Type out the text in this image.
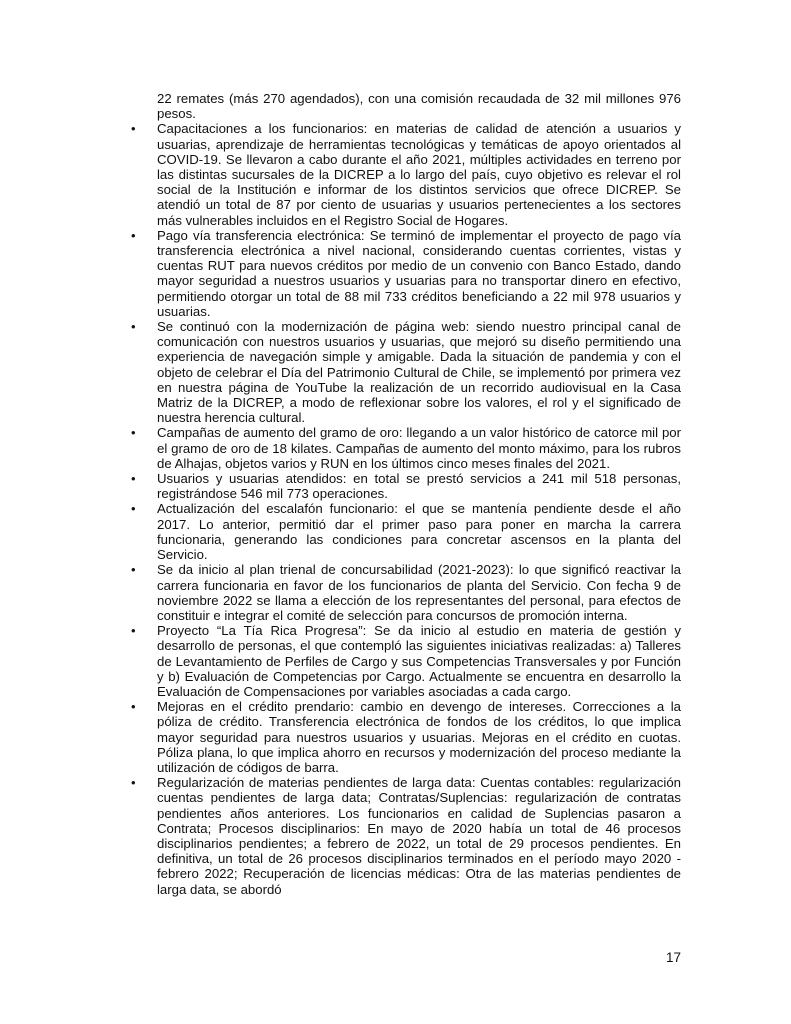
22 remates (más 270 agendados), con una comisión recaudada de 32 mil millones 976 pesos.

• Capacitaciones a los funcionarios: en materias de calidad de atención a usuarios y usuarias, aprendizaje de herramientas tecnológicas y temáticas de apoyo orientados al COVID-19. Se llevaron a cabo durante el año 2021, múltiples actividades en terreno por las distintas sucursales de la DICREP a lo largo del país, cuyo objetivo es relevar el rol social de la Institución e informar de los distintos servicios que ofrece DICREP. Se atendió un total de 87 por ciento de usuarias y usuarios pertenecientes a los sectores más vulnerables incluidos en el Registro Social de Hogares.
• Pago vía transferencia electrónica: Se terminó de implementar el proyecto de pago vía transferencia electrónica a nivel nacional, considerando cuentas corrientes, vistas y cuentas RUT para nuevos créditos por medio de un convenio con Banco Estado, dando mayor seguridad a nuestros usuarios y usuarias para no transportar dinero en efectivo, permitiendo otorgar un total de 88 mil 733 créditos beneficiando a 22 mil 978 usuarios y usuarias.
• Se continuó con la modernización de página web: siendo nuestro principal canal de comunicación con nuestros usuarios y usuarias, que mejoró su diseño permitiendo una experiencia de navegación simple y amigable. Dada la situación de pandemia y con el objeto de celebrar el Día del Patrimonio Cultural de Chile, se implementó por primera vez en nuestra página de YouTube la realización de un recorrido audiovisual en la Casa Matriz de la DICREP, a modo de reflexionar sobre los valores, el rol y el significado de nuestra herencia cultural.
• Campañas de aumento del gramo de oro: llegando a un valor histórico de catorce mil por el gramo de oro de 18 kilates. Campañas de aumento del monto máximo, para los rubros de Alhajas, objetos varios y RUN en los últimos cinco meses finales del 2021.
• Usuarios y usuarias atendidos: en total se prestó servicios a 241 mil 518 personas, registrándose 546 mil 773 operaciones.
• Actualización del escalafón funcionario: el que se mantenía pendiente desde el año 2017. Lo anterior, permitió dar el primer paso para poner en marcha la carrera funcionaria, generando las condiciones para concretar ascensos en la planta del Servicio.
• Se da inicio al plan trienal de concursabilidad (2021-2023): lo que significó reactivar la carrera funcionaria en favor de los funcionarios de planta del Servicio. Con fecha 9 de noviembre 2022 se llama a elección de los representantes del personal, para efectos de constituir e integrar el comité de selección para concursos de promoción interna.
• Proyecto “La Tía Rica Progresa”: Se da inicio al estudio en materia de gestión y desarrollo de personas, el que contempló las siguientes iniciativas realizadas: a) Talleres de Levantamiento de Perfiles de Cargo y sus Competencias Transversales y por Función y b) Evaluación de Competencias por Cargo. Actualmente se encuentra en desarrollo la Evaluación de Compensaciones por variables asociadas a cada cargo.
• Mejoras en el crédito prendario: cambio en devengo de intereses. Correcciones a la póliza de crédito. Transferencia electrónica de fondos de los créditos, lo que implica mayor seguridad para nuestros usuarios y usuarias. Mejoras en el crédito en cuotas. Póliza plana, lo que implica ahorro en recursos y modernización del proceso mediante la utilización de códigos de barra.
• Regularización de materias pendientes de larga data: Cuentas contables: regularización cuentas pendientes de larga data; Contratas/Suplencias: regularización de contratas pendientes años anteriores. Los funcionarios en calidad de Suplencias pasaron a Contrata; Procesos disciplinarios: En mayo de 2020 había un total de 46 procesos disciplinarios pendientes; a febrero de 2022, un total de 29 procesos pendientes. En definitiva, un total de 26 procesos disciplinarios terminados en el período mayo 2020 - febrero 2022; Recuperación de licencias médicas: Otra de las materias pendientes de larga data, se abordó
17
